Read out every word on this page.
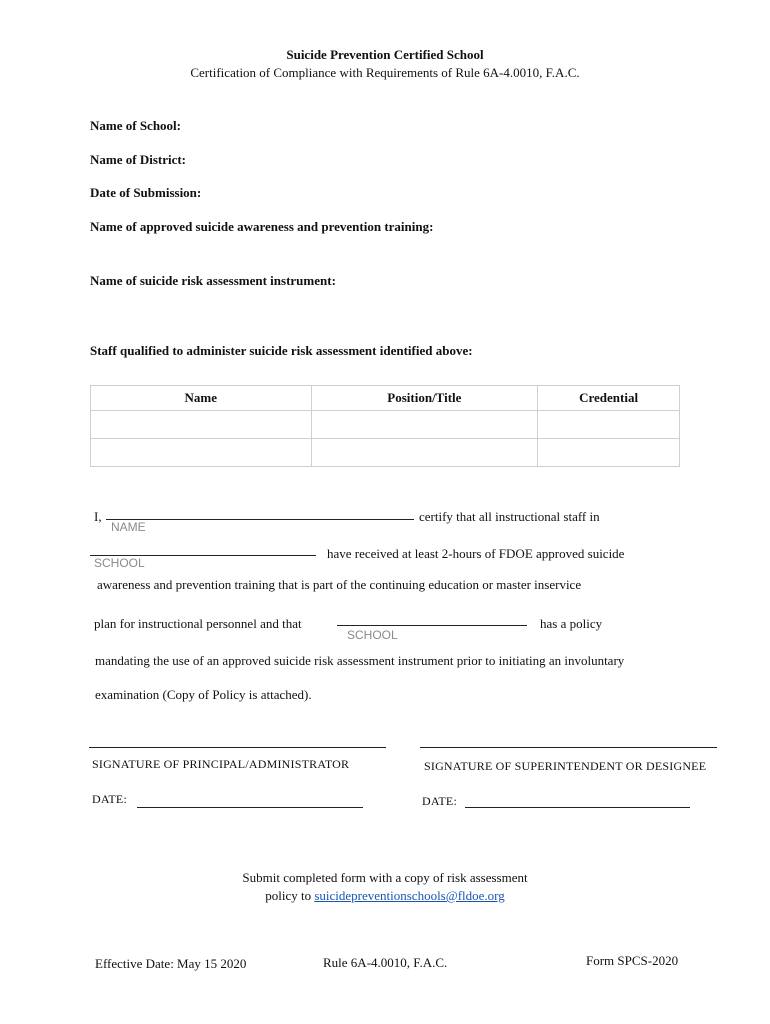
Suicide Prevention Certified School
Certification of Compliance with Requirements of Rule 6A-4.0010, F.A.C.
Name of School:
Name of District:
Date of Submission:
Name of approved suicide awareness and prevention training:
Name of suicide risk assessment instrument:
Staff qualified to administer suicide risk assessment identified above:
Name	Position/Title	Credential

I,
NAME
certify that all instructional staff in
SCHOOL
have received at least 2-hours of FDOE approved suicide
awareness and prevention training that is part of the continuing education or master inservice
plan for instructional personnel and that
SCHOOL
has a policy
mandating the use of an approved suicide risk assessment instrument prior to initiating an involuntary
examination (Copy of Policy is attached).
SIGNATURE OF PRINCIPAL/ADMINISTRATOR	SIGNATURE OF SUPERINTENDENT OR DESIGNEE
DATE:	DATE:
Submit completed form with a copy of risk assessment
policy to suicidepreventionschools@fldoe.org
Effective Date: May 15 2020	Rule 6A-4.0010, F.A.C.	Form SPCS-2020
